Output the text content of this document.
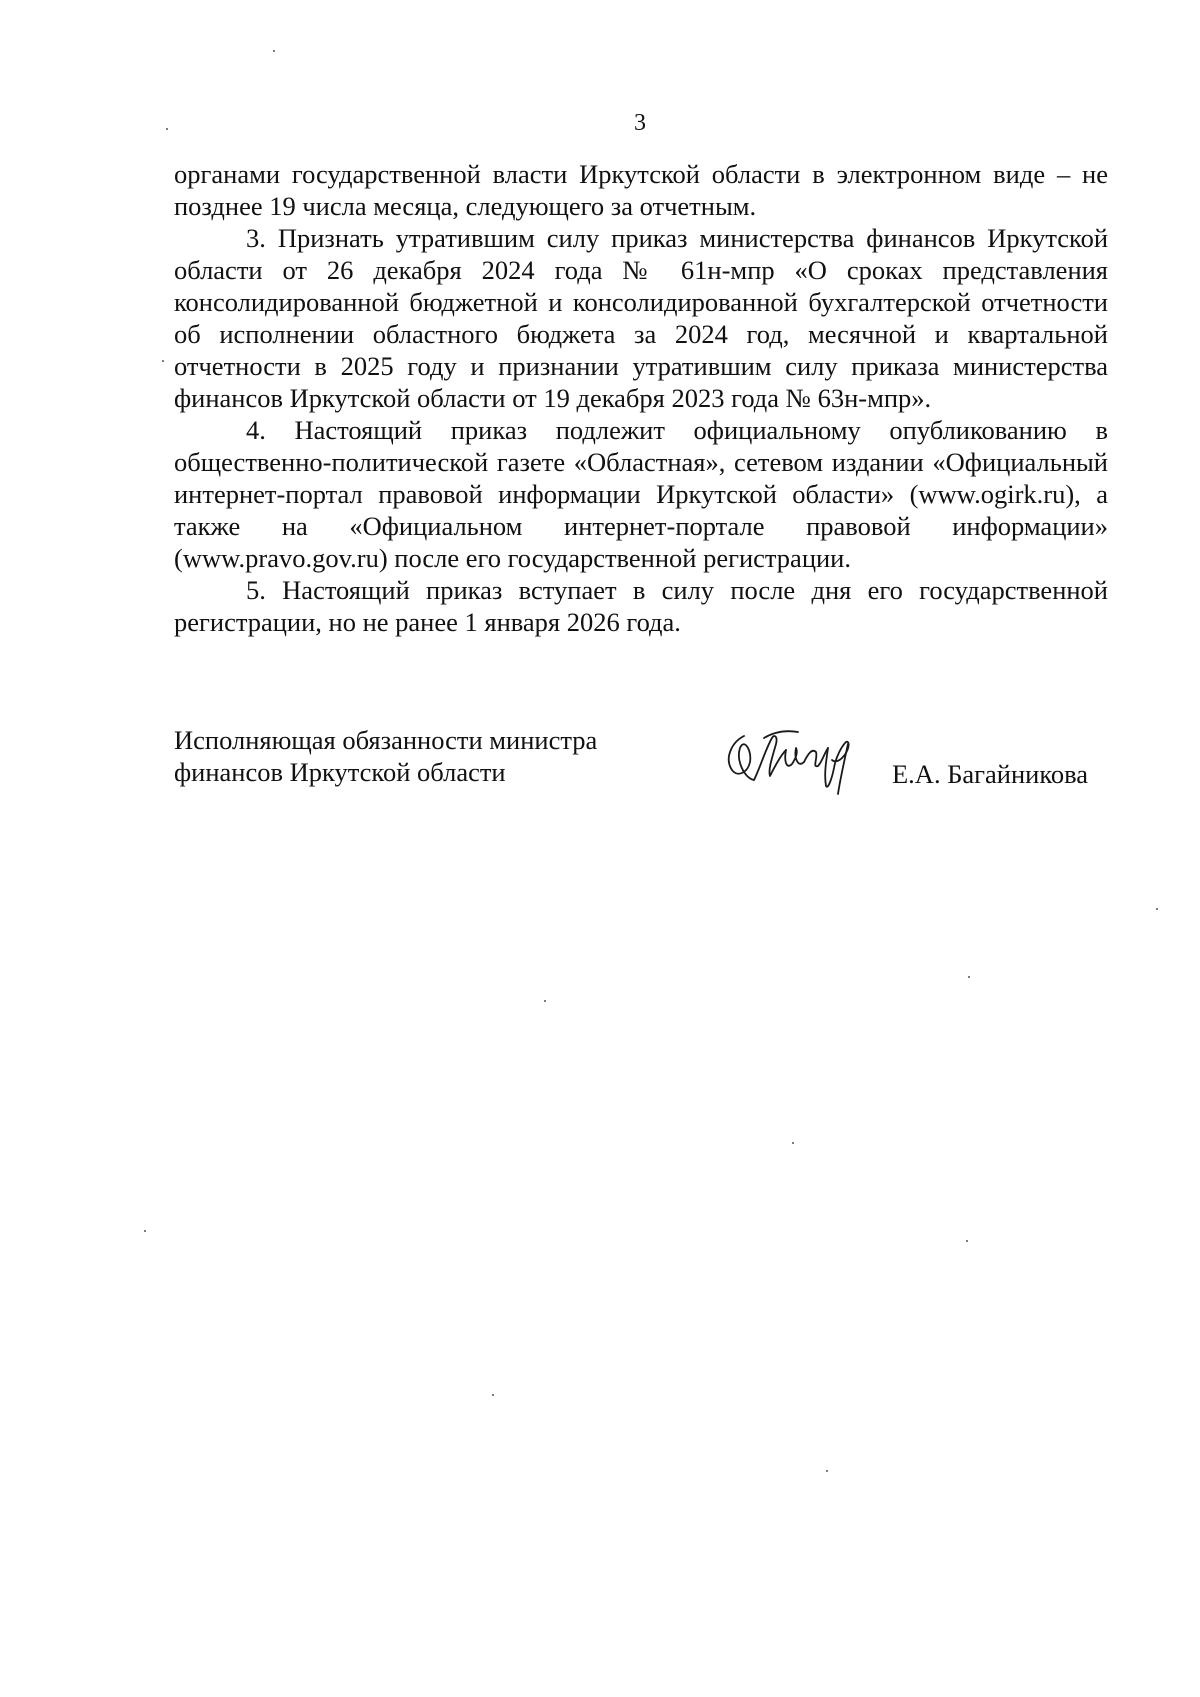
3

органами государственной власти Иркутской области в электронном виде – не позднее 19 числа месяца, следующего за отчетным.

3. Признать утратившим силу приказ министерства финансов Иркутской области от 26 декабря 2024 года № 61н-мпр «О сроках представления консолидированной бюджетной и консолидированной бухгалтерской отчетности об исполнении областного бюджета за 2024 год, месячной и квартальной отчетности в 2025 году и признании утратившим силу приказа министерства финансов Иркутской области от 19 декабря 2023 года № 63н-мпр».

4. Настоящий приказ подлежит официальному опубликованию в общественно-политической газете «Областная», сетевом издании «Официальный интернет-портал правовой информации Иркутской области» (www.ogirk.ru), а также на «Официальном интернет-портале правовой информации» (www.pravo.gov.ru) после его государственной регистрации.

5. Настоящий приказ вступает в силу после дня его государственной регистрации, но не ранее 1 января 2026 года.

Исполняющая обязанности министра
финансов Иркутской области	Е.А. Багайникова
